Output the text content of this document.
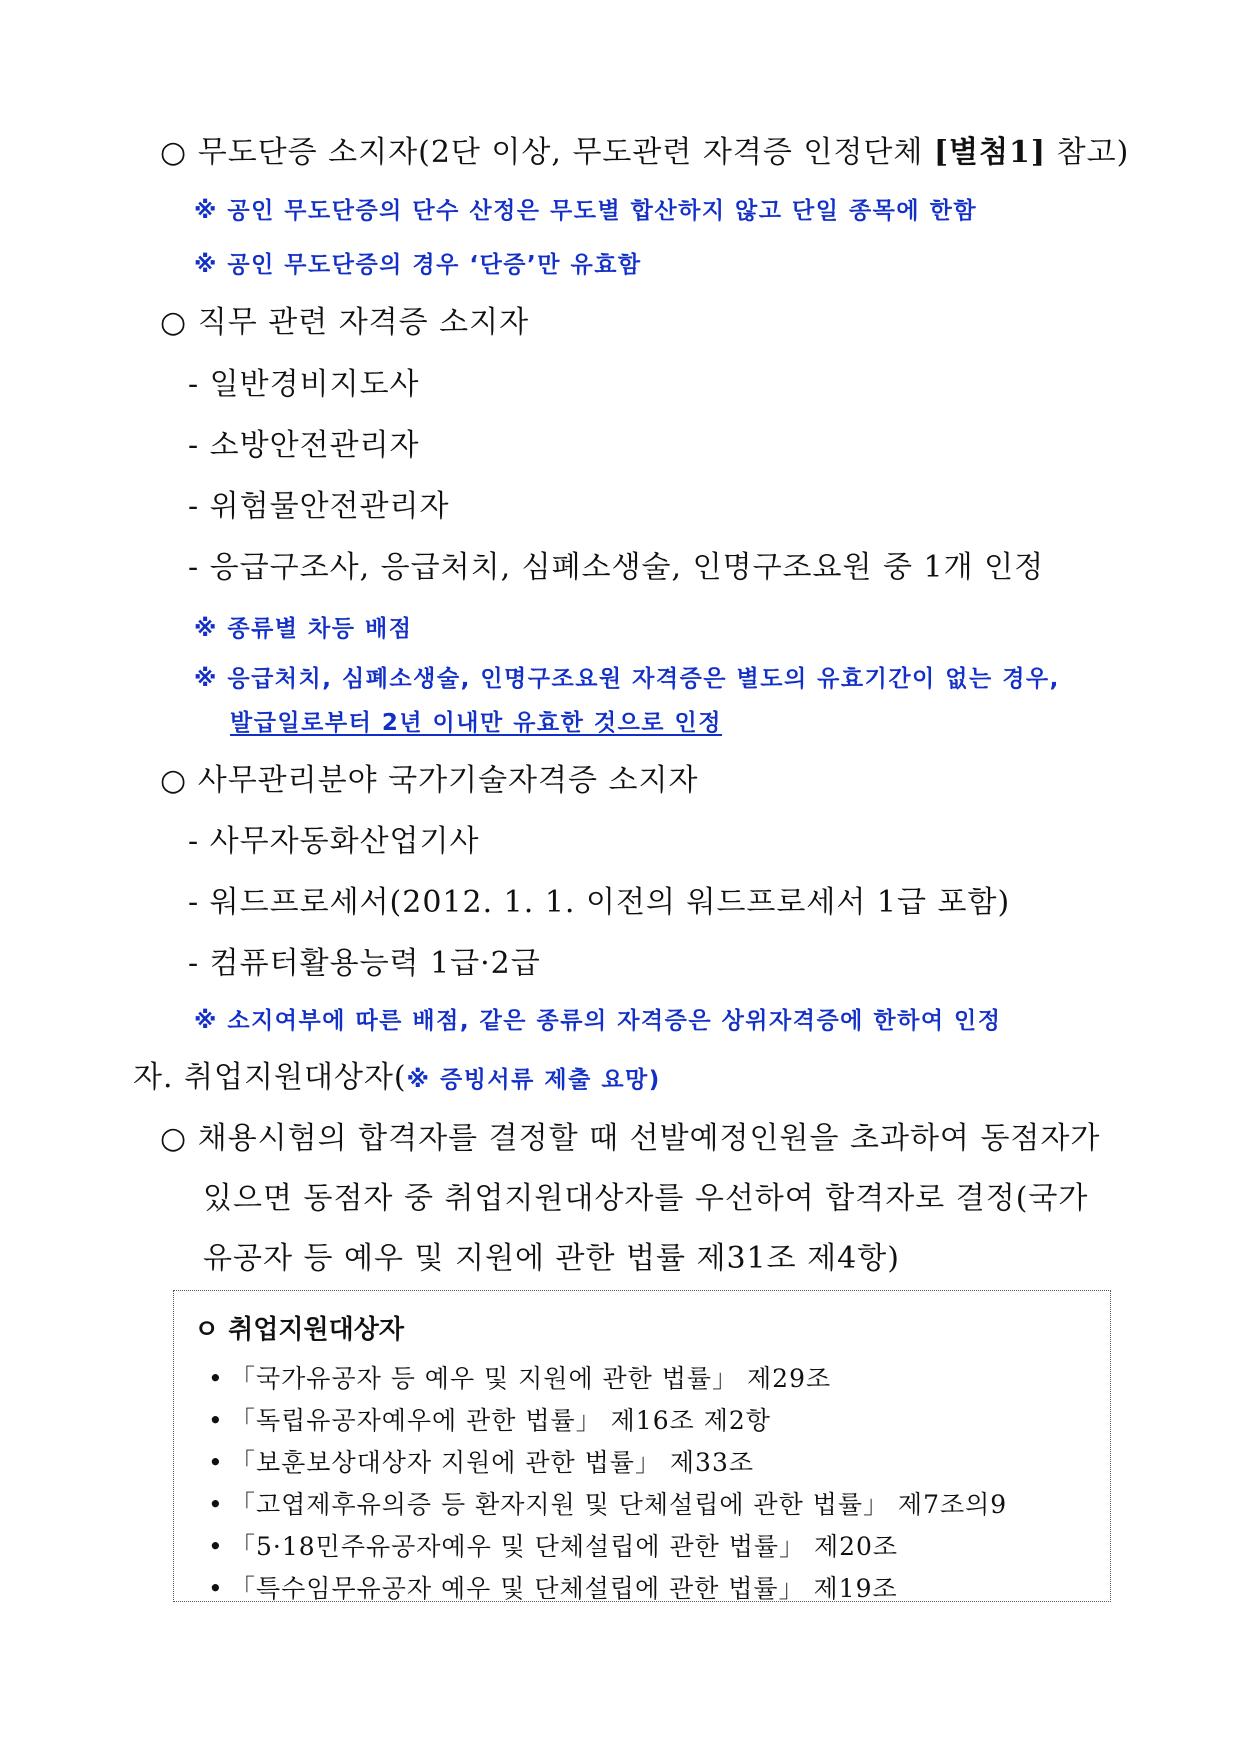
○ 무도단증 소지자(2단 이상, 무도관련 자격증 인정단체 [별첨1] 참고)
※ 공인 무도단증의 단수 산정은 무도별 합산하지 않고 단일 종목에 한함
※ 공인 무도단증의 경우 ‘단증’만 유효함
○ 직무 관련 자격증 소지자
- 일반경비지도사
- 소방안전관리자
- 위험물안전관리자
- 응급구조사, 응급처치, 심폐소생술, 인명구조요원 중 1개 인정
※ 종류별 차등 배점
※ 응급처치, 심폐소생술, 인명구조요원 자격증은 별도의 유효기간이 없는 경우,
발급일로부터 2년 이내만 유효한 것으로 인정
○ 사무관리분야 국가기술자격증 소지자
- 사무자동화산업기사
- 워드프로세서(2012. 1. 1. 이전의 워드프로세서 1급 포함)
- 컴퓨터활용능력 1급·2급
※ 소지여부에 따른 배점, 같은 종류의 자격증은 상위자격증에 한하여 인정
자. 취업지원대상자(※ 증빙서류 제출 요망)
○ 채용시험의 합격자를 결정할 때 선발예정인원을 초과하여 동점자가
있으면 동점자 중 취업지원대상자를 우선하여 합격자로 결정(국가
유공자 등 예우 및 지원에 관한 법률 제31조 제4항)
ㅇ 취업지원대상자
• 「국가유공자 등 예우 및 지원에 관한 법률」 제29조
• 「독립유공자예우에 관한 법률」 제16조 제2항
• 「보훈보상대상자 지원에 관한 법률」 제33조
• 「고엽제후유의증 등 환자지원 및 단체설립에 관한 법률」 제7조의9
• 「5·18민주유공자예우 및 단체설립에 관한 법률」 제20조
• 「특수임무유공자 예우 및 단체설립에 관한 법률」 제19조
